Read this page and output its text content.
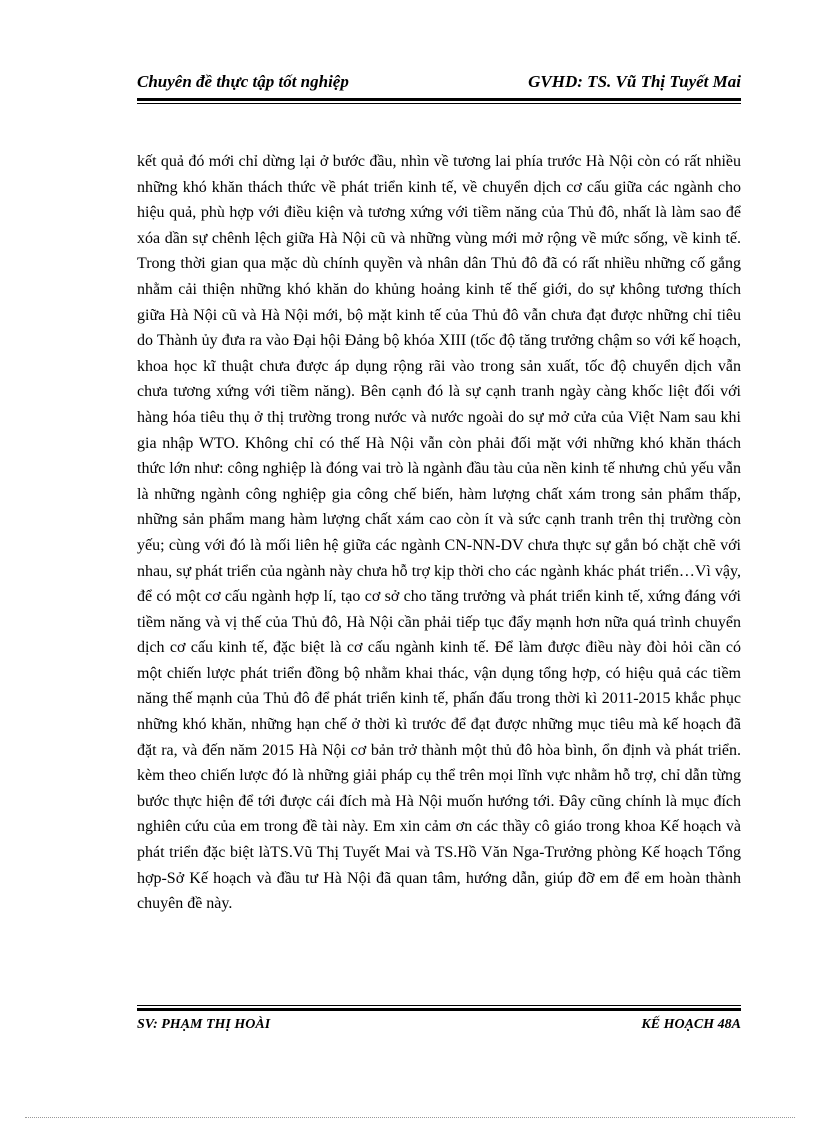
Chuyên đề thực tập tốt nghiệp	GVHD: TS. Vũ Thị Tuyết Mai

kết quả đó mới chỉ dừng lại ở bước đầu, nhìn về tương lai phía trước Hà Nội còn có rất nhiều những khó khăn thách thức về phát triển kinh tế, về chuyển dịch cơ cấu giữa các ngành cho hiệu quả, phù hợp với điều kiện và tương xứng với tiềm năng của Thủ đô, nhất là làm sao để xóa dần sự chênh lệch giữa Hà Nội cũ và những vùng mới mở rộng về mức sống, về kinh tế. Trong thời gian qua mặc dù chính quyền và nhân dân Thủ đô đã có rất nhiều những cố gắng nhằm cải thiện những khó khăn do khủng hoảng kinh tế thế giới, do sự không tương thích giữa Hà Nội cũ và Hà Nội mới, bộ mặt kinh tế của Thủ đô vẫn chưa đạt được những chỉ tiêu do Thành ủy đưa ra vào Đại hội Đảng bộ khóa XIII (tốc độ tăng trưởng chậm so với kế hoạch, khoa học kĩ thuật chưa được áp dụng rộng rãi vào trong sản xuất, tốc độ chuyển dịch vẫn chưa tương xứng với tiềm năng). Bên cạnh đó là sự cạnh tranh ngày càng khốc liệt đối với hàng hóa tiêu thụ ở thị trường trong nước và nước ngoài do sự mở cửa của Việt Nam sau khi gia nhập WTO. Không chỉ có thế Hà Nội vẫn còn phải đối mặt với những khó khăn thách thức lớn như: công nghiệp là đóng vai trò là ngành đầu tàu của nền kinh tế nhưng chủ yếu vẫn là những ngành công nghiệp gia công chế biến, hàm lượng chất xám trong sản phẩm thấp, những sản phẩm mang hàm lượng chất xám cao còn ít và sức cạnh tranh trên thị trường còn yếu; cùng với đó là mối liên hệ giữa các ngành CN-NN-DV chưa thực sự gắn bó chặt chẽ với nhau, sự phát triển của ngành này chưa hỗ trợ kịp thời cho các ngành khác phát triển…Vì vậy, để có một cơ cấu ngành hợp lí, tạo cơ sở cho tăng trưởng và phát triển kinh tế, xứng đáng với tiềm năng và vị thế của Thủ đô, Hà Nội cần phải tiếp tục đẩy mạnh hơn nữa quá trình chuyển dịch cơ cấu kinh tế, đặc biệt là cơ cấu ngành kinh tế. Để làm được điều này đòi hỏi cần có một chiến lược phát triển đồng bộ nhằm khai thác, vận dụng tổng hợp, có hiệu quả các tiềm năng thế mạnh của Thủ đô để phát triển kinh tế, phấn đấu trong thời kì 2011-2015 khắc phục những khó khăn, những hạn chế ở thời kì trước để đạt được những mục tiêu mà kế hoạch đã đặt ra, và đến năm 2015 Hà Nội cơ bản trở thành một thủ đô hòa bình, ổn định và phát triển. kèm theo chiến lược đó là những giải pháp cụ thể trên mọi lĩnh vực nhằm hỗ trợ, chỉ dẫn từng bước thực hiện để tới được cái đích mà Hà Nội muốn hướng tới. Đây cũng chính là mục đích nghiên cứu của em trong đề tài này. Em xin cảm ơn các thầy cô giáo trong khoa Kế hoạch và phát triển đặc biệt làTS.Vũ Thị Tuyết Mai và TS.Hồ Văn Nga-Trưởng phòng Kế hoạch Tổng hợp-Sở Kế hoạch và đầu tư Hà Nội đã quan tâm, hướng dẫn, giúp đỡ em để em hoàn thành chuyên đề này.

SV: PHẠM THỊ HOÀI	KẾ HOẠCH 48A
